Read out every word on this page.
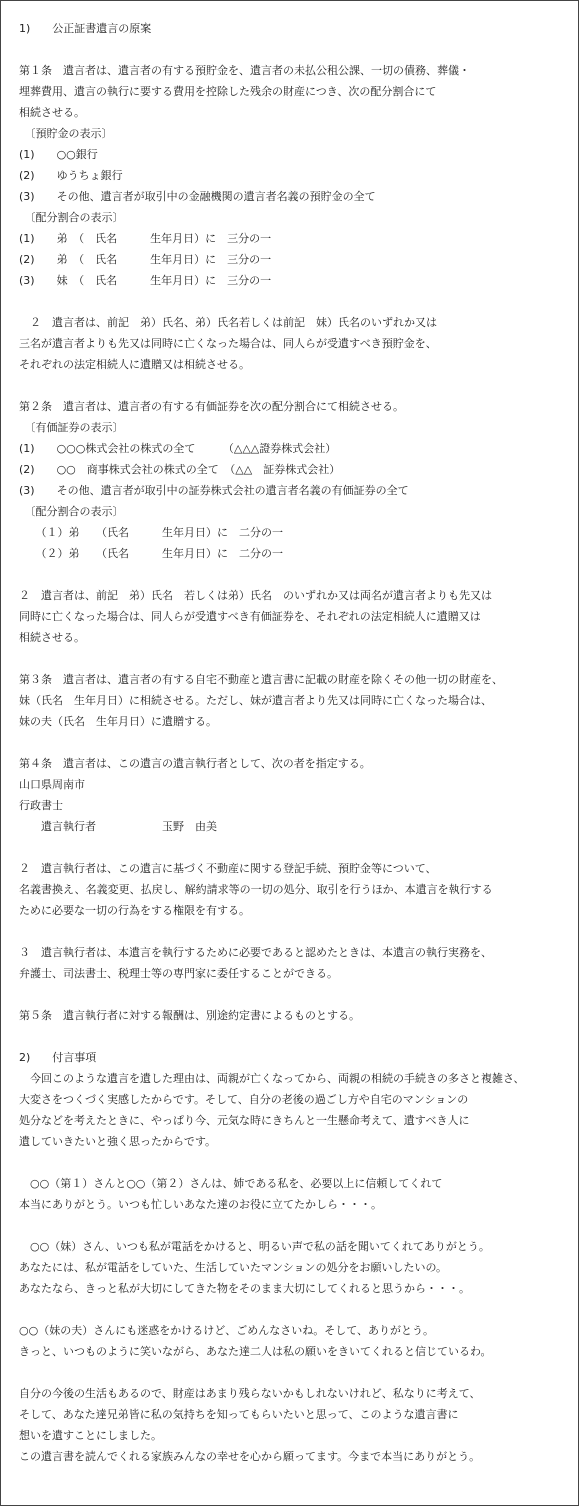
1)　　公正証書遺言の原案
第１条　遺言者は、遺言者の有する預貯金を、遺言者の未払公租公課、一切の債務、葬儀・
埋葬費用、遺言の執行に要する費用を控除した残余の財産につき、次の配分割合にて
相続させる。
　〔預貯金の表示〕
(1)　　○○銀行
(2)　　ゆうちょ銀行
(3)　　その他、遺言者が取引中の金融機関の遺言者名義の預貯金の全て
　〔配分割合の表示〕
(1)　　弟　（　氏名　　　生年月日）に　三分の一
(2)　　弟　（　氏名　　　生年月日）に　三分の一
(3)　　妹　（　氏名　　　生年月日）に　三分の一
　２　遺言者は、前記　弟）氏名、弟）氏名若しくは前記　妹）氏名のいずれか又は
三名が遺言者よりも先又は同時に亡くなった場合は、同人らが受遺すべき預貯金を、
それぞれの法定相続人に遺贈又は相続させる。
第２条　遺言者は、遺言者の有する有価証券を次の配分割合にて相続させる。
　〔有価証券の表示〕
(1)　　○○○株式会社の株式の全て　　　（△△△證券株式会社）
(2)　　○○　商事株式会社の株式の全て　（△△　証券株式会社）
(3)　　その他、遺言者が取引中の証券株式会社の遺言者名義の有価証券の全て
　〔配分割合の表示〕
　　（１）弟　　（氏名　　　生年月日）に　二分の一
　　（２）弟　　（氏名　　　生年月日）に　二分の一
２　遺言者は、前記　弟）氏名　若しくは弟）氏名　のいずれか又は両名が遺言者よりも先又は
同時に亡くなった場合は、同人らが受遺すべき有価証券を、それぞれの法定相続人に遺贈又は
相続させる。
第３条　遺言者は、遺言者の有する自宅不動産と遺言書に記載の財産を除くその他一切の財産を、
妹（氏名　生年月日）に相続させる。ただし、妹が遺言者より先又は同時に亡くなった場合は、
妹の夫（氏名　生年月日）に遺贈する。
第４条　遺言者は、この遺言の遺言執行者として、次の者を指定する。
山口県周南市
行政書士
　　遺言執行者　　　　　　玉野　由美
２　遺言執行者は、この遺言に基づく不動産に関する登記手続、預貯金等について、
名義書換え、名義変更、払戻し、解約請求等の一切の処分、取引を行うほか、本遺言を執行する
ために必要な一切の行為をする権限を有する。
３　遺言執行者は、本遺言を執行するために必要であると認めたときは、本遺言の執行実務を、
弁護士、司法書士、税理士等の専門家に委任することができる。
第５条　遺言執行者に対する報酬は、別途約定書によるものとする。
2)　　付言事項
　今回このような遺言を遺した理由は、両親が亡くなってから、両親の相続の手続きの多さと複雑さ、
大変さをつくづく実感したからです。そして、自分の老後の過ごし方や自宅のマンションの
処分などを考えたときに、やっぱり今、元気な時にきちんと一生懸命考えて、遺すべき人に
遺していきたいと強く思ったからです。
　○○（第１）さんと○○（第２）さんは、姉である私を、必要以上に信頼してくれて
本当にありがとう。いつも忙しいあなた達のお役に立てたかしら・・・。
　○○（妹）さん、いつも私が電話をかけると、明るい声で私の話を聞いてくれてありがとう。
あなたには、私が電話をしていた、生活していたマンションの処分をお願いしたいの。
あなたなら、きっと私が大切にしてきた物をそのまま大切にしてくれると思うから・・・。
○○（妹の夫）さんにも迷惑をかけるけど、ごめんなさいね。そして、ありがとう。
きっと、いつものように笑いながら、あなた達二人は私の願いをきいてくれると信じているわ。
自分の今後の生活もあるので、財産はあまり残らないかもしれないけれど、私なりに考えて、
そして、あなた達兄弟皆に私の気持ちを知ってもらいたいと思って、このような遺言書に
想いを遺すことにしました。
この遺言書を読んでくれる家族みんなの幸せを心から願ってます。今まで本当にありがとう。
